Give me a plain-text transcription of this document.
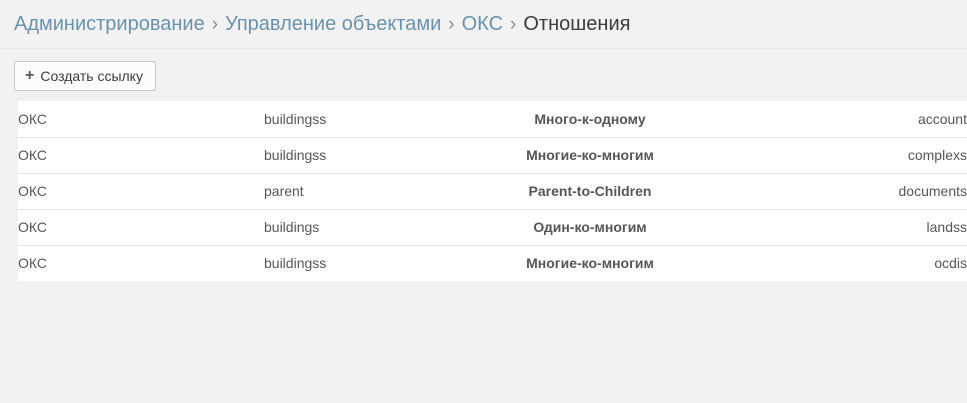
Администрирование › Управление объектами › ОКС › Отношения
+ Создать ссылку
ОКС	buildingss	Много-к-одному	account
ОКС	buildingss	Многие-ко-многим	complexs
ОКС	parent	Parent-to-Children	documents
ОКС	buildings	Один-ко-многим	landss
ОКС	buildingss	Многие-ко-многим	ocdis
